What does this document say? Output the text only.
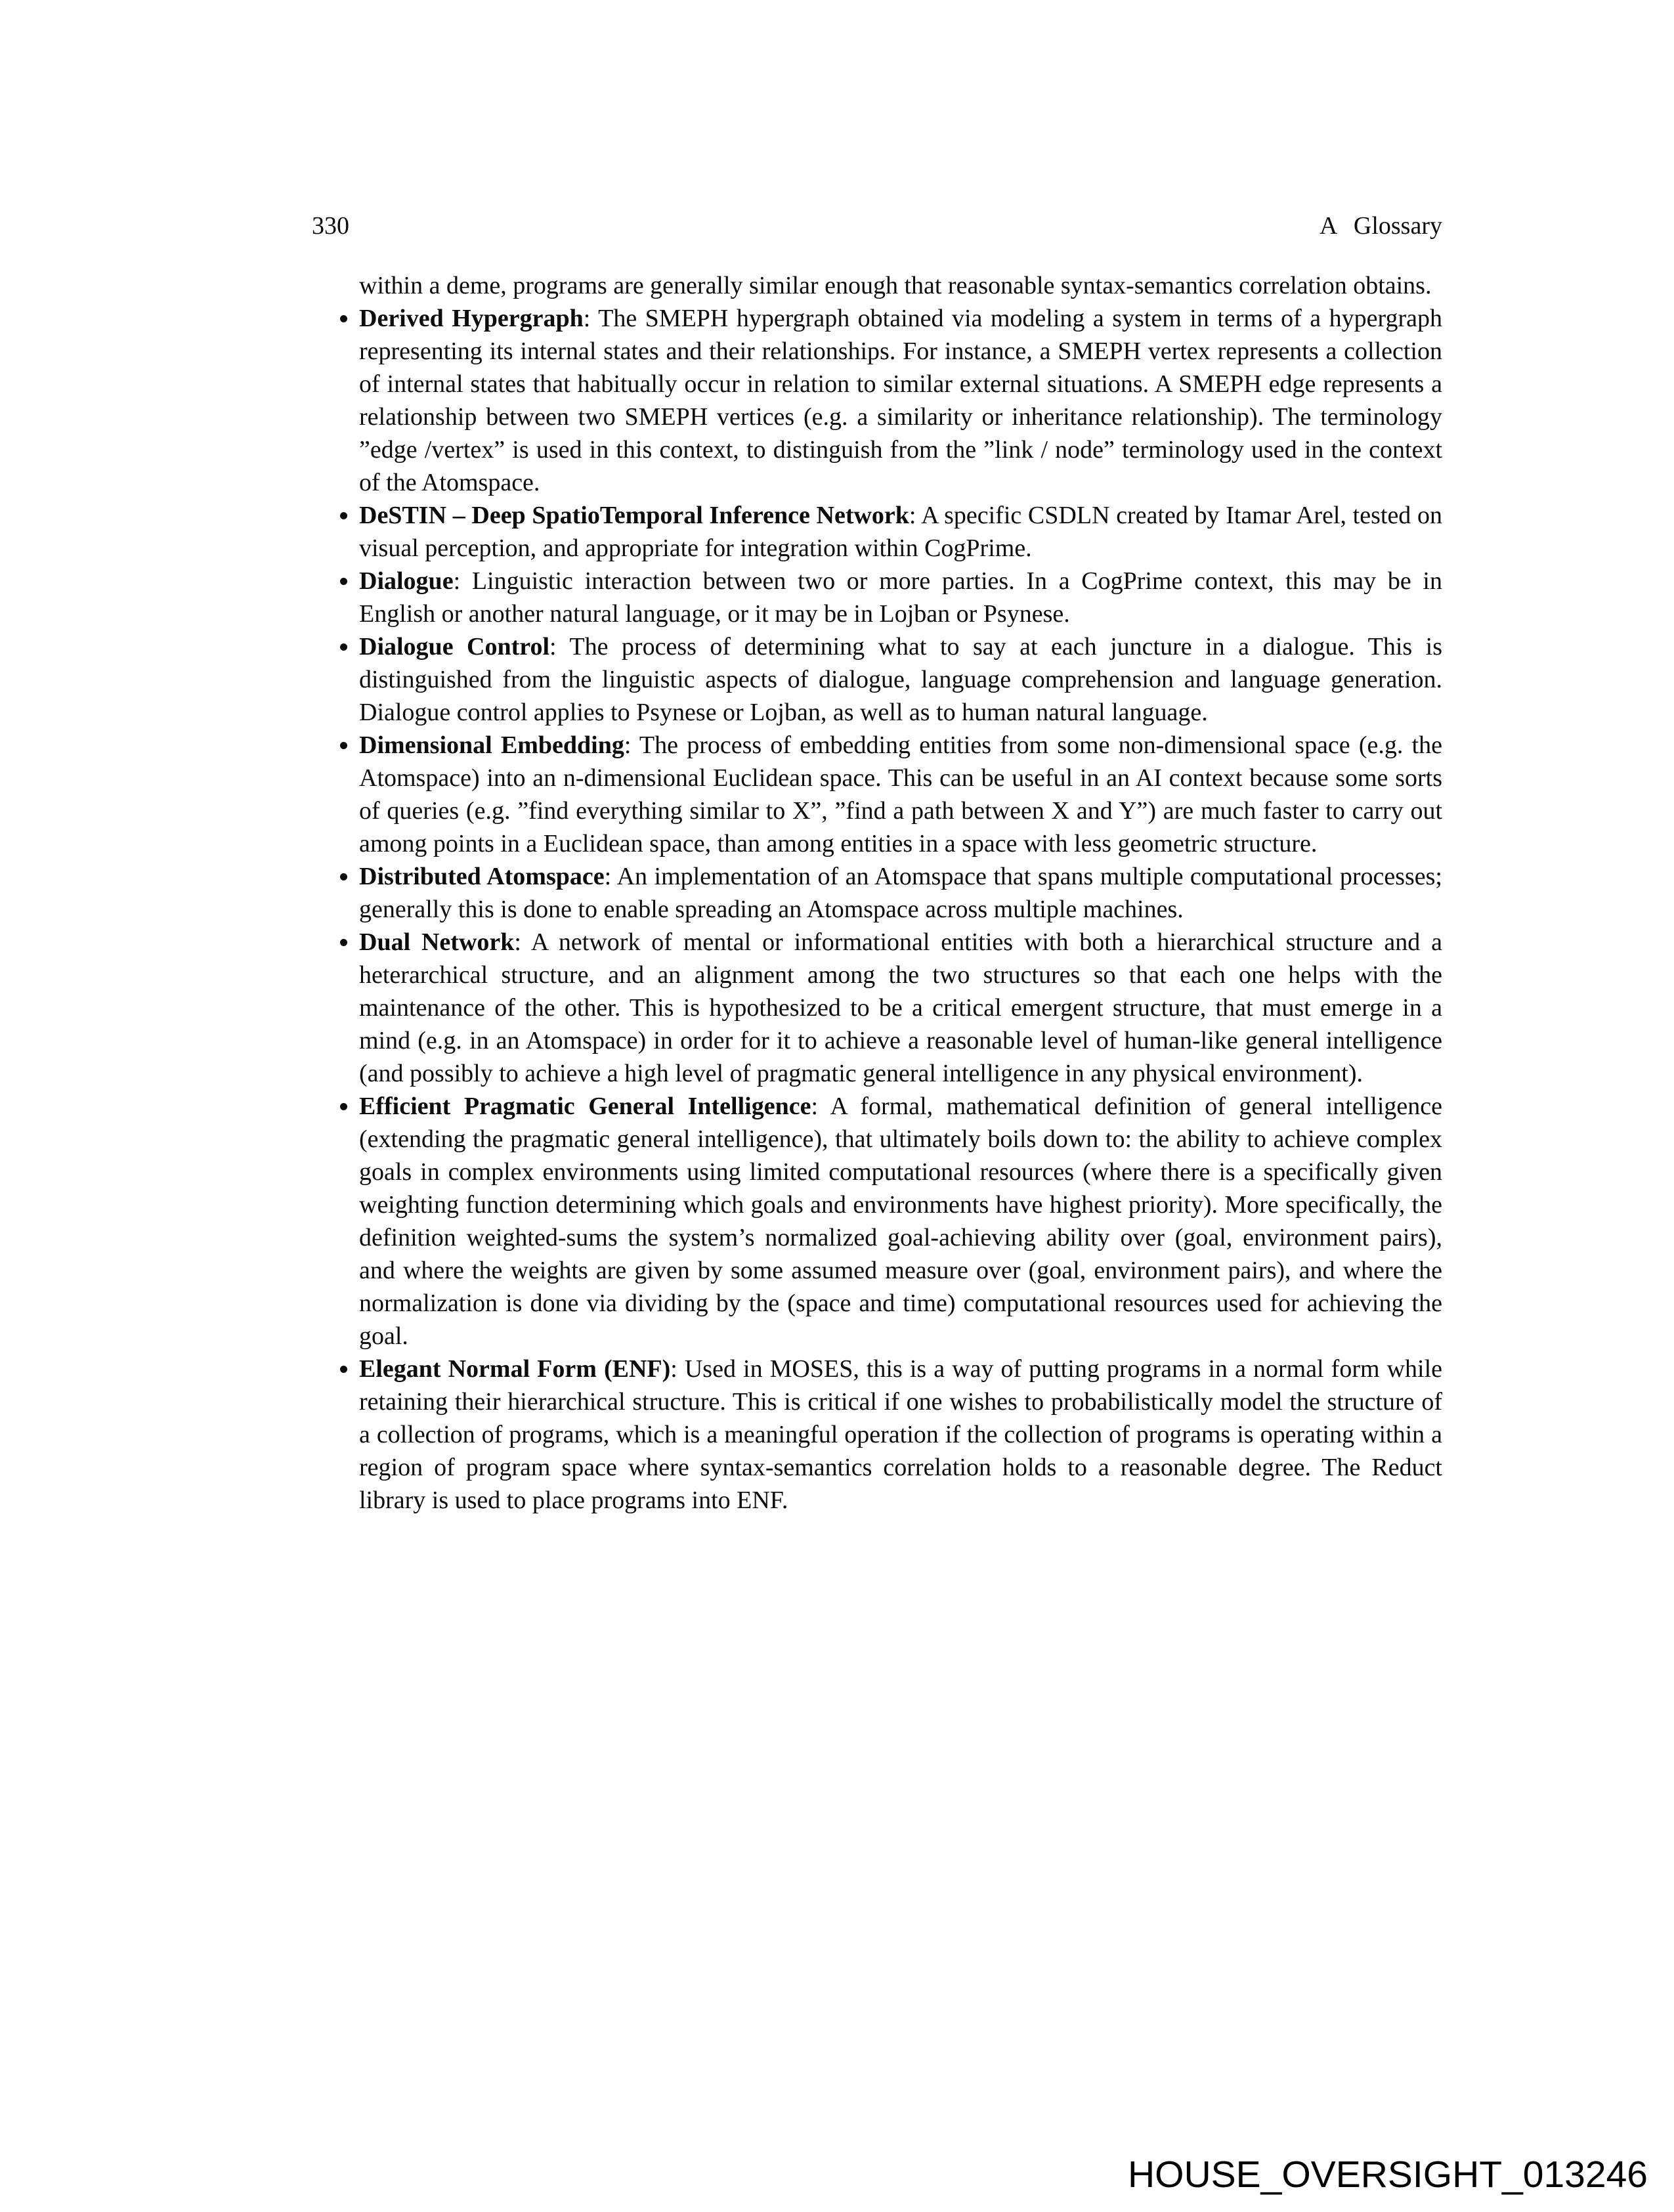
330	A Glossary

within a deme, programs are generally similar enough that reasonable syntax-semantics correlation obtains.

• Derived Hypergraph: The SMEPH hypergraph obtained via modeling a system in terms of a hypergraph representing its internal states and their relationships. For instance, a SMEPH vertex represents a collection of internal states that habitually occur in relation to similar external situations. A SMEPH edge represents a relationship between two SMEPH vertices (e.g. a similarity or inheritance relationship). The terminology ”edge /vertex” is used in this context, to distinguish from the ”link / node” terminology used in the context of the Atomspace.
• DeSTIN – Deep SpatioTemporal Inference Network: A specific CSDLN created by Itamar Arel, tested on visual perception, and appropriate for integration within CogPrime.
• Dialogue: Linguistic interaction between two or more parties. In a CogPrime context, this may be in English or another natural language, or it may be in Lojban or Psynese.
• Dialogue Control: The process of determining what to say at each juncture in a dialogue. This is distinguished from the linguistic aspects of dialogue, language comprehension and language generation. Dialogue control applies to Psynese or Lojban, as well as to human natural language.
• Dimensional Embedding: The process of embedding entities from some non-dimensional space (e.g. the Atomspace) into an n-dimensional Euclidean space. This can be useful in an AI context because some sorts of queries (e.g. ”find everything similar to X”, ”find a path between X and Y”) are much faster to carry out among points in a Euclidean space, than among entities in a space with less geometric structure.
• Distributed Atomspace: An implementation of an Atomspace that spans multiple computational processes; generally this is done to enable spreading an Atomspace across multiple machines.
• Dual Network: A network of mental or informational entities with both a hierarchical structure and a heterarchical structure, and an alignment among the two structures so that each one helps with the maintenance of the other. This is hypothesized to be a critical emergent structure, that must emerge in a mind (e.g. in an Atomspace) in order for it to achieve a reasonable level of human-like general intelligence (and possibly to achieve a high level of pragmatic general intelligence in any physical environment).
• Efficient Pragmatic General Intelligence: A formal, mathematical definition of general intelligence (extending the pragmatic general intelligence), that ultimately boils down to: the ability to achieve complex goals in complex environments using limited computational resources (where there is a specifically given weighting function determining which goals and environments have highest priority). More specifically, the definition weighted-sums the system’s normalized goal-achieving ability over (goal, environment pairs), and where the weights are given by some assumed measure over (goal, environment pairs), and where the normalization is done via dividing by the (space and time) computational resources used for achieving the goal.
• Elegant Normal Form (ENF): Used in MOSES, this is a way of putting programs in a normal form while retaining their hierarchical structure. This is critical if one wishes to probabilistically model the structure of a collection of programs, which is a meaningful operation if the collection of programs is operating within a region of program space where syntax-semantics correlation holds to a reasonable degree. The Reduct library is used to place programs into ENF.
HOUSE_OVERSIGHT_013246
